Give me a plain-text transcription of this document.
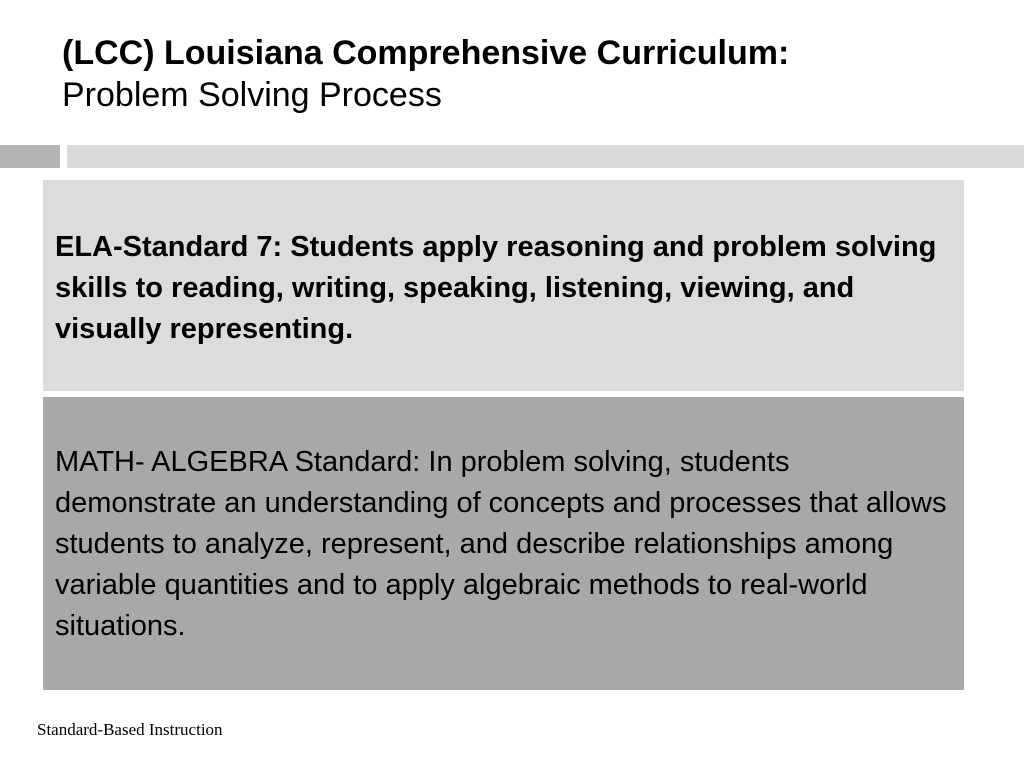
(LCC) Louisiana Comprehensive Curriculum:
Problem Solving Process
ELA-Standard 7: Students apply reasoning and problem solving skills to reading, writing, speaking, listening, viewing, and visually representing.
MATH- ALGEBRA Standard: In problem solving, students demonstrate an understanding of concepts and processes that allows students to analyze, represent, and describe relationships among variable quantities and to apply algebraic methods to real-world situations.
Standard-Based Instruction
